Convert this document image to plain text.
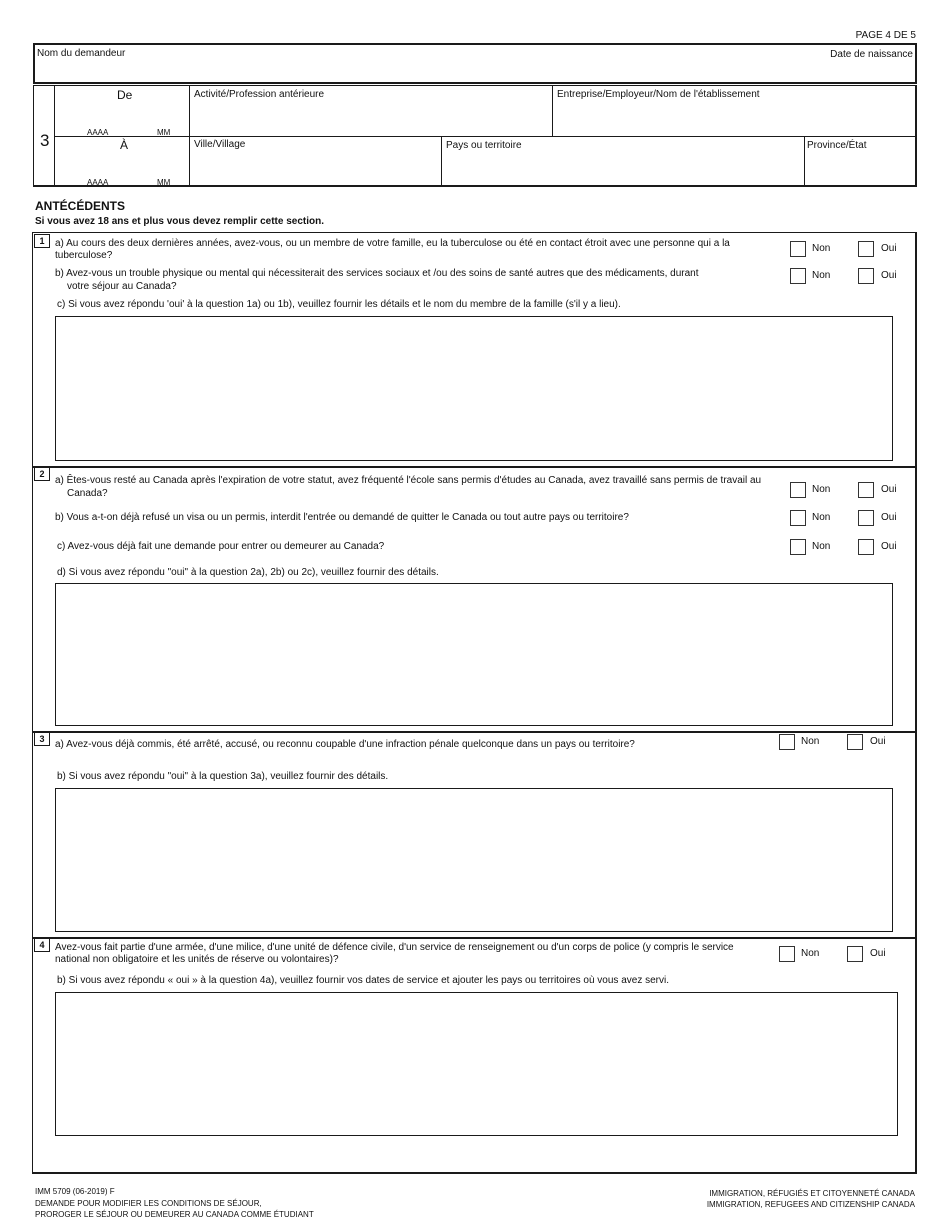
PAGE 4 DE 5
Nom du demandeur	Date de naissance
3
De
AAAA	MM
À
AAAA	MM
Activité/Profession antérieure	Entreprise/Employeur/Nom de l'établissement
Ville/Village	Pays ou territoire	Province/État
ANTÉCÉDENTS
Si vous avez 18 ans et plus vous devez remplir cette section.
1	a) Au cours des deux dernières années, avez-vous, ou un membre de votre famille, eu la tuberculose ou été en contact étroit avec une personne qui a la tuberculose?
Non	Oui
b) Avez-vous un trouble physique ou mental qui nécessiterait des services sociaux et /ou des soins de santé autres que des médicaments, durant
votre séjour au Canada?
Non	Oui
c) Si vous avez répondu 'oui' à la question 1a) ou 1b), veuillez fournir les détails et le nom du membre de la famille (s'il y a lieu).
2
a) Êtes-vous resté au Canada après l'expiration de votre statut, avez fréquenté l'école sans permis d'études au Canada, avez travaillé sans permis de travail au
Canada?	Non	Oui
b) Vous a-t-on déjà refusé un visa ou un permis, interdit l'entrée ou demandé de quitter le Canada ou tout autre pays ou territoire?	Non	Oui
c) Avez-vous déjà fait une demande pour entrer ou demeurer au Canada?	Non	Oui
d) Si vous avez répondu "oui" à la question 2a), 2b) ou 2c), veuillez fournir des détails.
3	a) Avez-vous déjà commis, été arrêté, accusé, ou reconnu coupable d'une infraction pénale quelconque dans un pays ou territoire?	Non	Oui
b) Si vous avez répondu "oui" à la question 3a), veuillez fournir des détails.
4	Avez-vous fait partie d'une armée, d'une milice, d'une unité de défence civile, d'un service de renseignement ou d'un corps de police (y compris le service national non obligatoire et les unités de réserve ou volontaires)?
Non	Oui
b) Si vous avez répondu « oui » à la question 4a), veuillez fournir vos dates de service et ajouter les pays ou territoires où vous avez servi.
IMM 5709 (06-2019) F
DEMANDE POUR MODIFIER LES CONDITIONS DE SÉJOUR,
PROROGER LE SÉJOUR OU DEMEURER AU CANADA COMME ÉTUDIANT
IMMIGRATION, RÉFUGIÉS ET CITOYENNETÉ CANADA
IMMIGRATION, REFUGEES AND CITIZENSHIP CANADA
